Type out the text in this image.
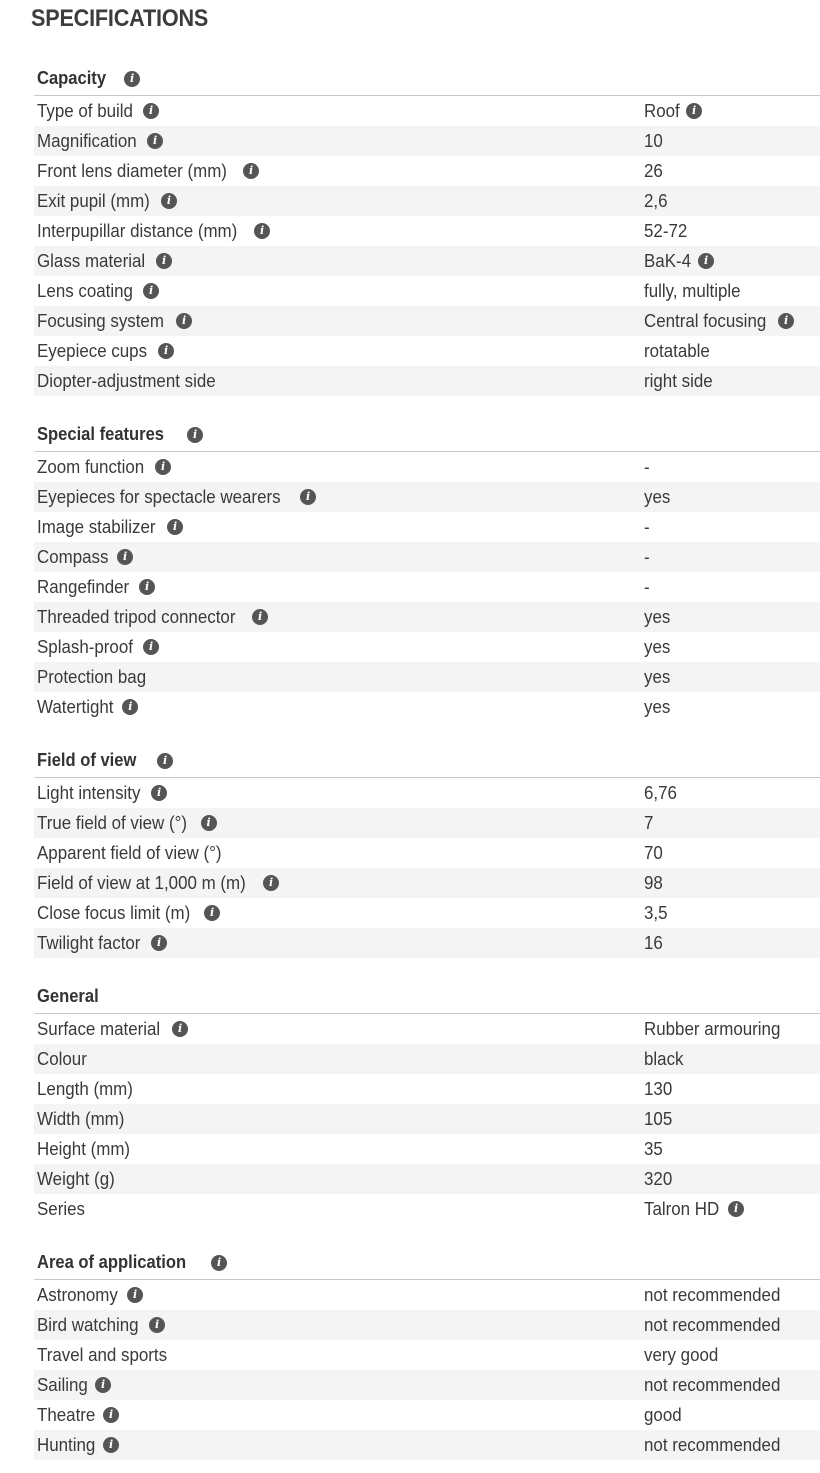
SPECIFICATIONS
Capacity	i
Type of build	i	Roof	i
Magnification	i	10
Front lens diameter (mm)	i	26
Exit pupil (mm)	i	2,6
Interpupillar distance (mm)	i	52-72
Glass material	i	BaK-4	i
Lens coating	i	fully, multiple
Focusing system	i	Central focusing	i
Eyepiece cups	i	rotatable
Diopter-adjustment side	right side
Special features	i
Zoom function	i	-
Eyepieces for spectacle wearers	i	yes
Image stabilizer	i	-
Compass	i	-
Rangefinder	i	-
Threaded tripod connector	i	yes
Splash-proof	i	yes
Protection bag	yes
Watertight	i	yes
Field of view	i
Light intensity	i	6,76
True field of view (°)	i	7
Apparent field of view (°)	70
Field of view at 1,000 m (m)	i	98
Close focus limit (m)	i	3,5
Twilight factor	i	16
General
Surface material	i	Rubber armouring
Colour	black
Length (mm)	130
Width (mm)	105
Height (mm)	35
Weight (g)	320
Series	Talron HD	i
Area of application	i
Astronomy	i	not recommended
Bird watching	i	not recommended
Travel and sports	very good
Sailing	i	not recommended
Theatre	i	good
Hunting	i	not recommended
